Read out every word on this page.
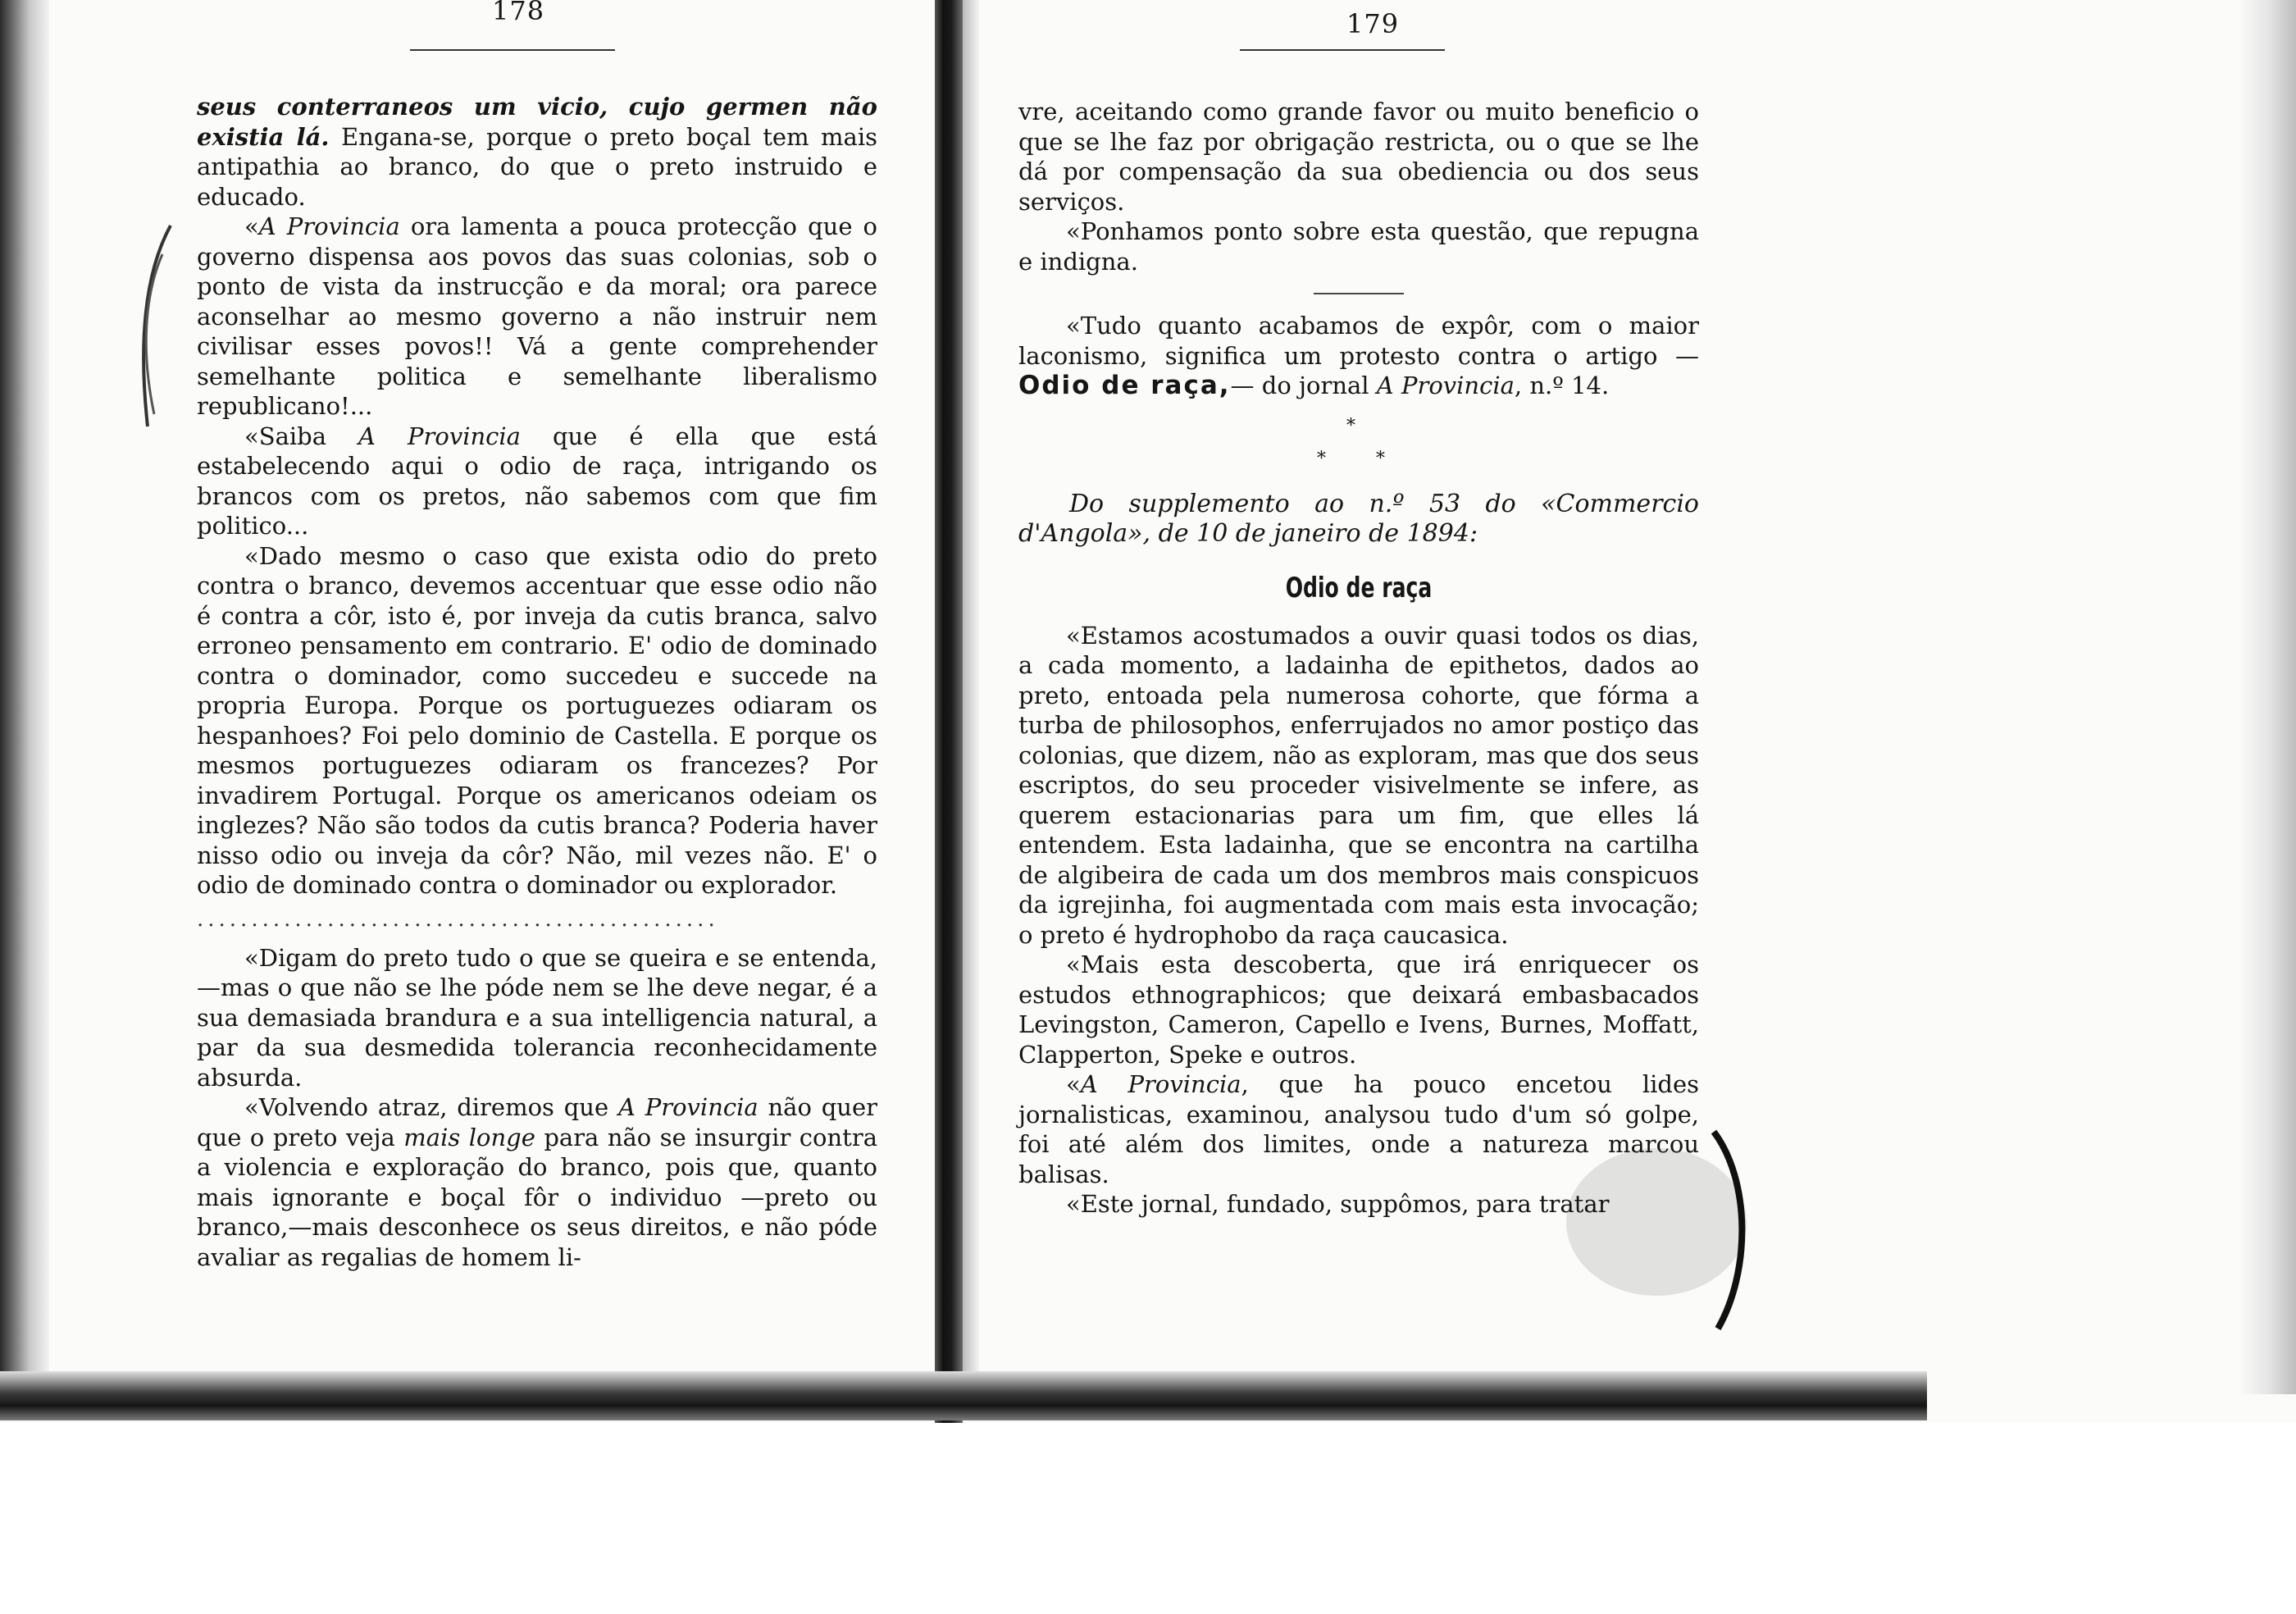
178

seus conterraneos um vicio, cujo germen não existia lá. Engana-se, porque o preto boçal tem mais antipathia ao branco, do que o preto instruido e educado.

«A Provincia ora lamenta a pouca protecção que o governo dispensa aos povos das suas colonias, sob o ponto de vista da instrucção e da moral; ora parece aconselhar ao mesmo governo a não instruir nem civilisar esses povos!! Vá a gente comprehender semelhante politica e semelhante liberalismo republicano!...

«Saiba A Provincia que é ella que está estabelecendo aqui o odio de raça, intrigando os brancos com os pretos, não sabemos com que fim politico...

«Dado mesmo o caso que exista odio do preto contra o branco, devemos accentuar que esse odio não é contra a côr, isto é, por inveja da cutis branca, salvo erroneo pensamento em contrario. E' odio de dominado contra o dominador, como succedeu e succede na propria Europa. Porque os portuguezes odiaram os hespanhoes? Foi pelo dominio de Castella. E porque os mesmos portuguezes odiaram os francezes? Por invadirem Portugal. Porque os americanos odeiam os inglezes? Não são todos da cutis branca? Poderia haver nisso odio ou inveja da côr? Não, mil vezes não. E' o odio de dominado contra o dominador ou explorador.

................................................

«Digam do preto tudo o que se queira e se entenda,—mas o que não se lhe póde nem se lhe deve negar, é a sua demasiada brandura e a sua intelligencia natural, a par da sua desmedida tolerancia reconhecidamente absurda.

«Volvendo atraz, diremos que A Provincia não quer que o preto veja mais longe para não se insurgir contra a violencia e exploração do branco, pois que, quanto mais ignorante e boçal fôr o individuo —preto ou branco,—mais desconhece os seus direitos, e não póde avaliar as regalias de homem li-

179

vre, aceitando como grande favor ou muito beneficio o que se lhe faz por obrigação restricta, ou o que se lhe dá por compensação da sua obediencia ou dos seus serviços.

«Ponhamos ponto sobre esta questão, que repugna e indigna.

«Tudo quanto acabamos de expôr, com o maior laconismo, significa um protesto contra o artigo — Odio de raça,— do jornal A Provincia, n.º 14.

*
*	*

Do supplemento ao n.º 53 do «Commercio d'Angola», de 10 de janeiro de 1894:

Odio de raça

«Estamos acostumados a ouvir quasi todos os dias, a cada momento, a ladainha de epithetos, dados ao preto, entoada pela numerosa cohorte, que fórma a turba de philosophos, enferrujados no amor postiço das colonias, que dizem, não as exploram, mas que dos seus escriptos, do seu proceder visivelmente se infere, as querem estacionarias para um fim, que elles lá entendem. Esta ladainha, que se encontra na cartilha de algibeira de cada um dos membros mais conspicuos da igrejinha, foi augmentada com mais esta invocação; o preto é hydrophobo da raça caucasica.

«Mais esta descoberta, que irá enriquecer os estudos ethnographicos; que deixará embasbacados Levingston, Cameron, Capello e Ivens, Burnes, Moffatt, Clapperton, Speke e outros.

«A Provincia, que ha pouco encetou lides jornalisticas, examinou, analysou tudo d'um só golpe, foi até além dos limites, onde a natureza marcou balisas.

«Este jornal, fundado, suppômos, para tratar
